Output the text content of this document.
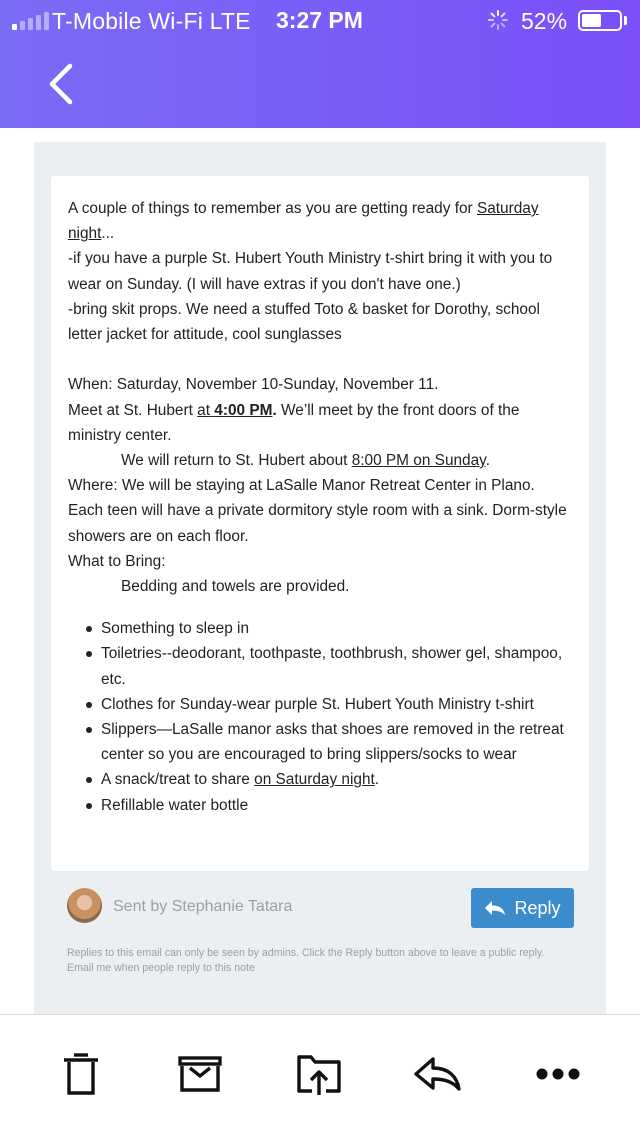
T-Mobile Wi-Fi LTE 3:27 PM	52%

A couple of things to remember as you are getting ready for Saturday night...

-if you have a purple St. Hubert Youth Ministry t-shirt bring it with you to wear on Sunday. (I will have extras if you don't have one.)

-bring skit props. We need a stuffed Toto & basket for Dorothy, school letter jacket for attitude, cool sunglasses

When: Saturday, November 10-Sunday, November 11.

Meet at St. Hubert at 4:00 PM. We’ll meet by the front doors of the ministry center.

We will return to St. Hubert about 8:00 PM on Sunday.

Where: We will be staying at LaSalle Manor Retreat Center in Plano. Each teen will have a private dormitory style room with a sink. Dorm-style showers are on each floor.

What to Bring:

Bedding and towels are provided.

Something to sleep in
Toiletries--deodorant, toothpaste, toothbrush, shower gel, shampoo, etc.
Clothes for Sunday-wear purple St. Hubert Youth Ministry t-shirt
Slippers—LaSalle manor asks that shoes are removed in the retreat center so you are encouraged to bring slippers/socks to wear
A snack/treat to share on Saturday night.
Refillable water bottle
Sent by Stephanie Tatara	Reply
Replies to this email can only be seen by admins. Click the Reply button above to leave a public reply.
Email me when people reply to this note
